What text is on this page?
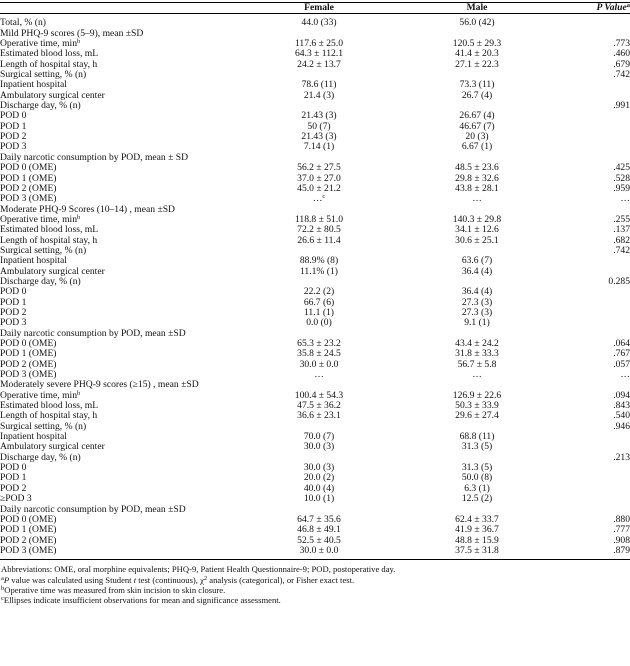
	Female	Male	P Value$^a$
Total, % (n)	44.0 (33)	56.0 (42)	
Mild PHQ-9 scores (5–9), mean ±SD			
Operative time, $\min^b$	117.6 ± 25.0	120.5 ± 29.3	.773
Estimated blood loss, mL	64.3 ± 112.1	41.4 ± 20.3	.460
Length of hospital stay, h	24.2 ± 13.7	27.1 ± 22.3	.679
Surgical setting, % (n)			.742
Inpatient hospital	78.6 (11)	73.3 (11)	
Ambulatory surgical center	21.4 (3)	26.7 (4)	
Discharge day, % (n)			.991
POD 0	21.43 (3)	26.67 (4)	
POD 1	50 (7)	46.67 (7)	
POD 2	21.43 (3)	20 (3)	
POD 3	7.14 (1)	6.67 (1)	
Daily narcotic consumption by POD, mean ± SD			
POD 0 (OME)	56.2 ± 27.5	48.5 ± 23.6	.425
POD 1 (OME)	37.0 ± 27.0	29.8 ± 32.6	.528
POD 2 (OME)	45.0 ± 21.2	43.8 ± 28.1	.959
POD 3 (OME)	…$^c$	…	…
Moderate PHQ-9 Scores (10–14) , mean ±SD			
Operative time, $\min^b$	118.8 ± 51.0	140.3 ± 29.8	.255
Estimated blood loss, mL	72.2 ± 80.5	34.1 ± 12.6	.137
Length of hospital stay, h	26.6 ± 11.4	30.6 ± 25.1	.682
Surgical setting, % (n)			.742
Inpatient hospital	88.9% (8)	63.6 (7)	
Ambulatory surgical center	11.1% (1)	36.4 (4)	
Discharge day, % (n)			0.285
POD 0	22.2 (2)	36.4 (4)	
POD 1	66.7 (6)	27.3 (3)	
POD 2	11.1 (1)	27.3 (3)	
POD 3	0.0 (0)	9.1 (1)	
Daily narcotic consumption by POD, mean ±SD			
POD 0 (OME)	65.3 ± 23.2	43.4 ± 24.2	.064
POD 1 (OME)	35.8 ± 24.5	31.8 ± 33.3	.767
POD 2 (OME)	30.0 ± 0.0	56.7 ± 5.8	.057
POD 3 (OME)	…	…	…
Moderately severe PHQ-9 scores (≥15) , mean ±SD			
Operative time, $\min^b$	100.4 ± 54.3	126.9 ± 22.6	.094
Estimated blood loss, mL	47.5 ± 36.2	50.3 ± 33.9	.843
Length of hospital stay, h	36.6 ± 23.1	29.6 ± 27.4	.540
Surgical setting, % (n)			.946
Inpatient hospital	70.0 (7)	68.8 (11)	
Ambulatory surgical center	30.0 (3)	31.3 (5)	
Discharge day, % (n)			.213
POD 0	30.0 (3)	31.3 (5)	
POD 1	20.0 (2)	50.0 (8)	
POD 2	40.0 (4)	6.3 (1)	
≥POD 3	10.0 (1)	12.5 (2)	
Daily narcotic consumption by POD, mean ±SD			
POD 0 (OME)	64.7 ± 35.6	62.4 ± 33.7	.880
POD 1 (OME)	46.8 ± 49.1	41.9 ± 36.7	.777
POD 2 (OME)	52.5 ± 40.5	48.8 ± 15.9	.908
POD 3 (OME)	30.0 ± 0.0	37.5 ± 31.8	.879
Abbreviations: OME, oral morphine equivalents; PHQ-9, Patient Health Questionnaire-9; POD, postoperative day.
$^a$P value was calculated using Student t test (continuous), $\chi^2$ analysis (categorical), or Fisher exact test.
$^b$Operative time was measured from skin incision to skin closure.
$^c$Ellipses indicate insufficient observations for mean and significance assessment.
